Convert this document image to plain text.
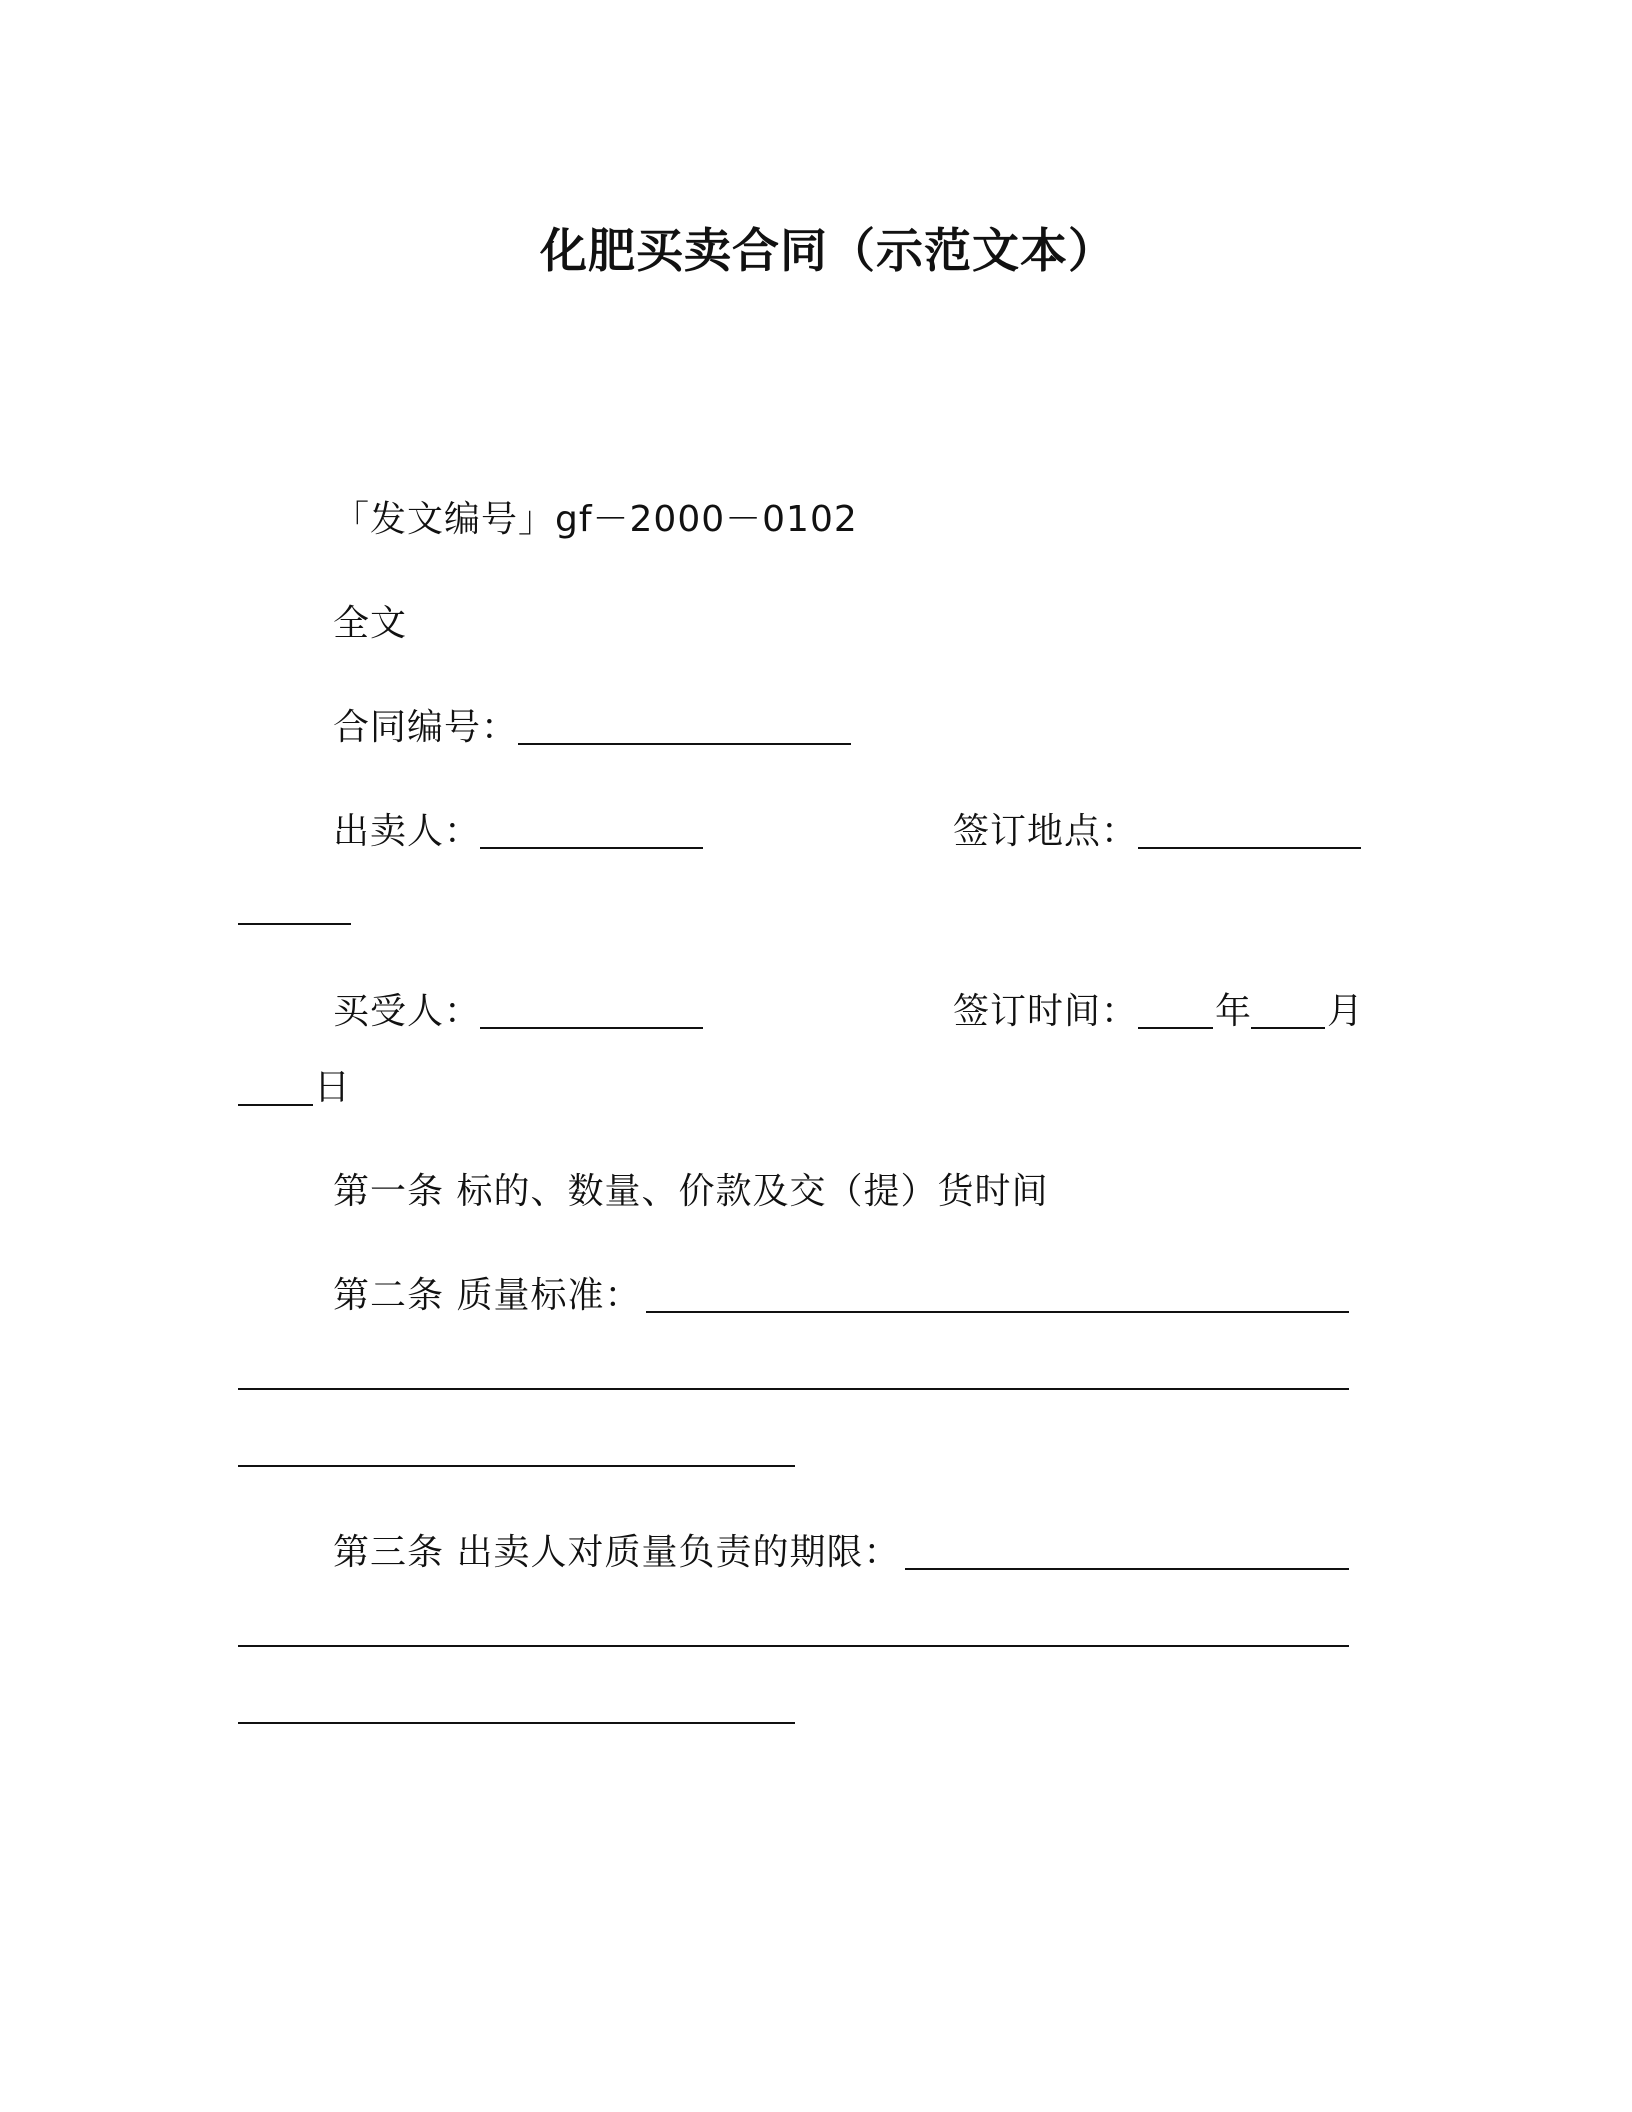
化肥买卖合同（示范文本）
「发文编号」gf－2000－0102
全文
合同编号：
出卖人：	签订地点：
买受人：	签订时间： 年 月
日
第一条 标的、数量、价款及交（提）货时间
第二条 质量标准：
第三条 出卖人对质量负责的期限：
